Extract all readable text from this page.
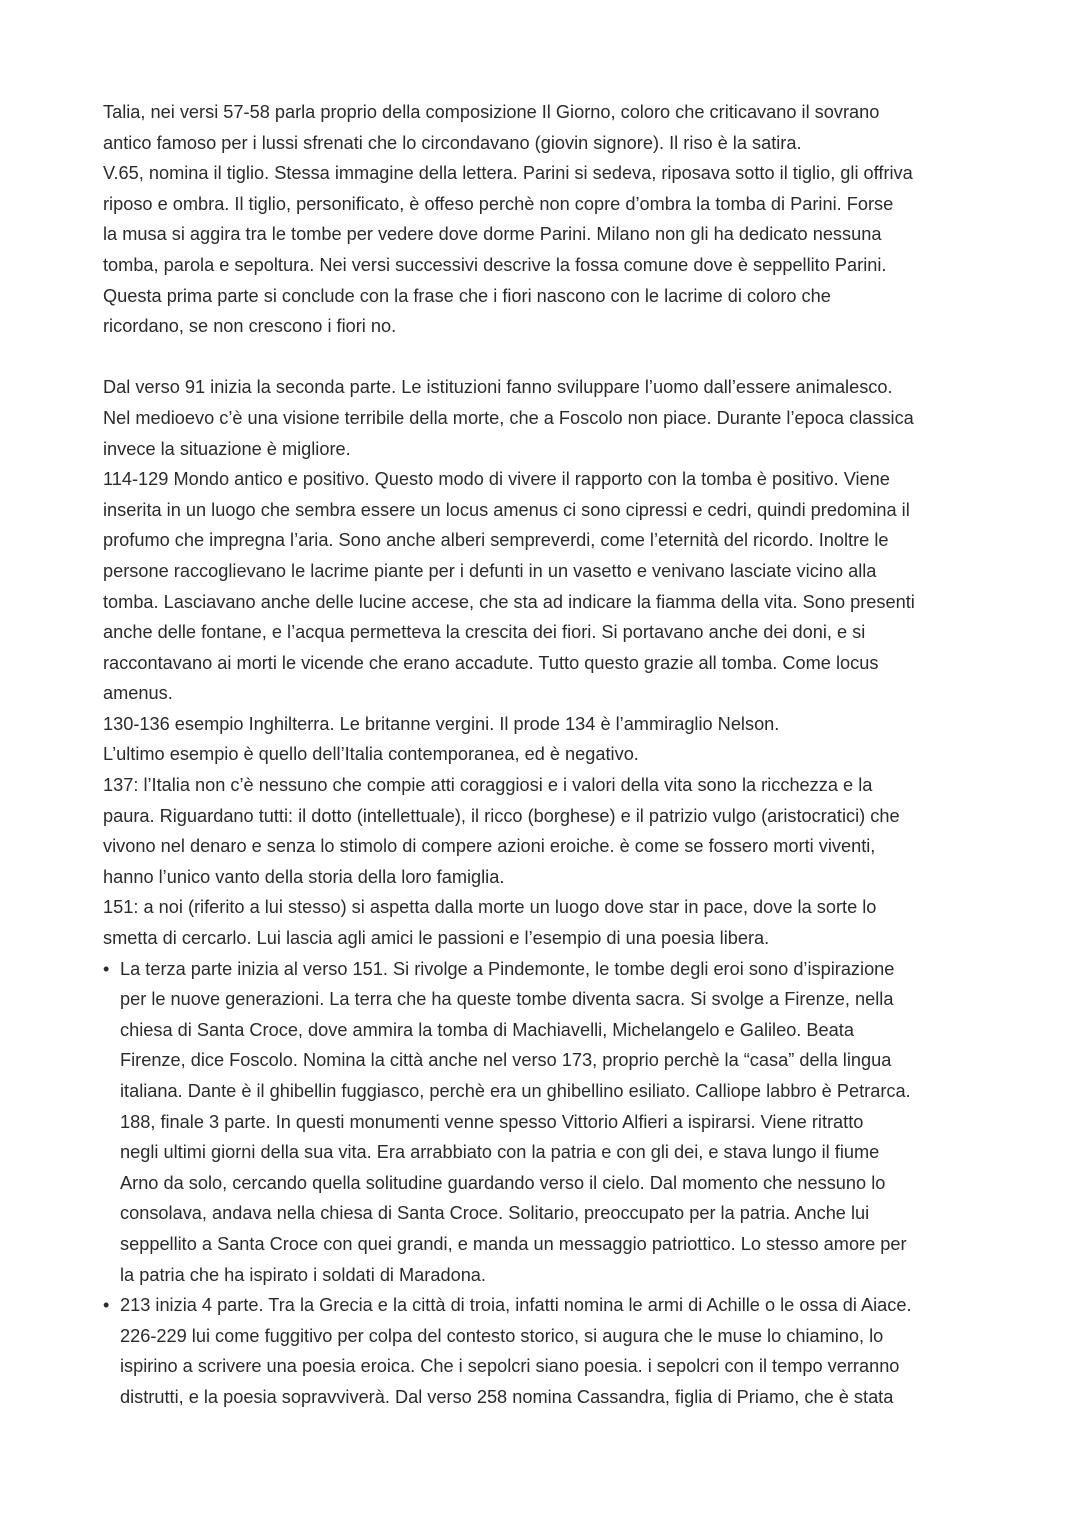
Talia, nei versi 57-58 parla proprio della composizione Il Giorno, coloro che criticavano il sovrano
antico famoso per i lussi sfrenati che lo circondavano (giovin signore). Il riso è la satira.
V.65, nomina il tiglio. Stessa immagine della lettera. Parini si sedeva, riposava sotto il tiglio, gli offriva
riposo e ombra. Il tiglio, personificato, è offeso perchè non copre d’ombra la tomba di Parini. Forse
la musa si aggira tra le tombe per vedere dove dorme Parini. Milano non gli ha dedicato nessuna
tomba, parola e sepoltura. Nei versi successivi descrive la fossa comune dove è seppellito Parini.
Questa prima parte si conclude con la frase che i fiori nascono con le lacrime di coloro che
ricordano, se non crescono i fiori no.
Dal verso 91 inizia la seconda parte. Le istituzioni fanno sviluppare l’uomo dall’essere animalesco.
Nel medioevo c’è una visione terribile della morte, che a Foscolo non piace. Durante l’epoca classica
invece la situazione è migliore.
114-129 Mondo antico e positivo. Questo modo di vivere il rapporto con la tomba è positivo. Viene
inserita in un luogo che sembra essere un locus amenus ci sono cipressi e cedri, quindi predomina il
profumo che impregna l’aria. Sono anche alberi sempreverdi, come l’eternità del ricordo. Inoltre le
persone raccoglievano le lacrime piante per i defunti in un vasetto e venivano lasciate vicino alla
tomba. Lasciavano anche delle lucine accese, che sta ad indicare la fiamma della vita. Sono presenti
anche delle fontane, e l’acqua permetteva la crescita dei fiori. Si portavano anche dei doni, e si
raccontavano ai morti le vicende che erano accadute. Tutto questo grazie all tomba. Come locus
amenus.
130-136 esempio Inghilterra. Le britanne vergini. Il prode 134 è l’ammiraglio Nelson.
L’ultimo esempio è quello dell’Italia contemporanea, ed è negativo.
137: l’Italia non c’è nessuno che compie atti coraggiosi e i valori della vita sono la ricchezza e la
paura. Riguardano tutti: il dotto (intellettuale), il ricco (borghese) e il patrizio vulgo (aristocratici) che
vivono nel denaro e senza lo stimolo di compere azioni eroiche. è come se fossero morti viventi,
hanno l’unico vanto della storia della loro famiglia.
151: a noi (riferito a lui stesso) si aspetta dalla morte un luogo dove star in pace, dove la sorte lo
smetta di cercarlo. Lui lascia agli amici le passioni e l’esempio di una poesia libera.
• La terza parte inizia al verso 151. Si rivolge a Pindemonte, le tombe degli eroi sono d’ispirazione
per le nuove generazioni. La terra che ha queste tombe diventa sacra. Si svolge a Firenze, nella
chiesa di Santa Croce, dove ammira la tomba di Machiavelli, Michelangelo e Galileo. Beata
Firenze, dice Foscolo. Nomina la città anche nel verso 173, proprio perchè la “casa” della lingua
italiana. Dante è il ghibellin fuggiasco, perchè era un ghibellino esiliato. Calliope labbro è Petrarca.
188, finale 3 parte. In questi monumenti venne spesso Vittorio Alfieri a ispirarsi. Viene ritratto
negli ultimi giorni della sua vita. Era arrabbiato con la patria e con gli dei, e stava lungo il fiume
Arno da solo, cercando quella solitudine guardando verso il cielo. Dal momento che nessuno lo
consolava, andava nella chiesa di Santa Croce. Solitario, preoccupato per la patria. Anche lui
seppellito a Santa Croce con quei grandi, e manda un messaggio patriottico. Lo stesso amore per
la patria che ha ispirato i soldati di Maradona.
• 213 inizia 4 parte. Tra la Grecia e la città di troia, infatti nomina le armi di Achille o le ossa di Aiace.
226-229 lui come fuggitivo per colpa del contesto storico, si augura che le muse lo chiamino, lo
ispirino a scrivere una poesia eroica. Che i sepolcri siano poesia. i sepolcri con il tempo verranno
distrutti, e la poesia sopravviverà. Dal verso 258 nomina Cassandra, figlia di Priamo, che è stata
